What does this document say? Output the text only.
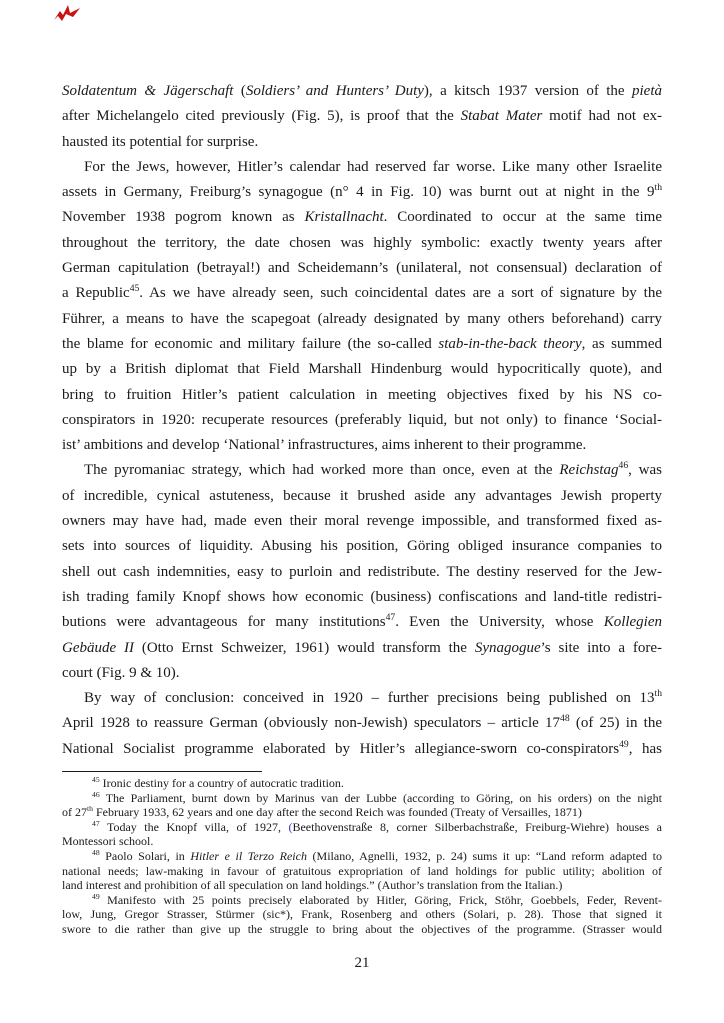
Soldatentum & Jägerschaft (Soldiers’ and Hunters’ Duty), a kitsch 1937 version of the pietà
after Michelangelo cited previously (Fig. 5), is proof that the Stabat Mater motif had not ex-
hausted its potential for surprise.
For the Jews, however, Hitler’s calendar had reserved far worse. Like many other Israelite
assets in Germany, Freiburg’s synagogue (n° 4 in Fig. 10) was burnt out at night in the 9th
November 1938 pogrom known as Kristallnacht. Coordinated to occur at the same time
throughout the territory, the date chosen was highly symbolic: exactly twenty years after
German capitulation (betrayal!) and Scheidemann’s (unilateral, not consensual) declaration of
a Republic$^{45}$. As we have already seen, such coincidental dates are a sort of signature by the
Führer, a means to have the scapegoat (already designated by many others beforehand) carry
the blame for economic and military failure (the so-called stab-in-the-back theory, as summed
up by a British diplomat that Field Marshall Hindenburg would hypocritically quote), and
bring to fruition Hitler’s patient calculation in meeting objectives fixed by his NS co-
conspirators in 1920: recuperate resources (preferably liquid, but not only) to finance ‘Social-
ist’ ambitions and develop ‘National’ infrastructures, aims inherent to their programme.
The pyromaniac strategy, which had worked more than once, even at the Reichstag$^{46}$, was
of incredible, cynical astuteness, because it brushed aside any advantages Jewish property
owners may have had, made even their moral revenge impossible, and transformed fixed as-
sets into sources of liquidity. Abusing his position, Göring obliged insurance companies to
shell out cash indemnities, easy to purloin and redistribute. The destiny reserved for the Jew-
ish trading family Knopf shows how economic (business) confiscations and land-title redistri-
butions were advantageous for many institutions$^{47}$. Even the University, whose Kollegien
Gebäude II (Otto Ernst Schweizer, 1961) would transform the Synagogue’s site into a fore-
court (Fig. 9 & 10).
By way of conclusion: conceived in 1920 – further precisions being published on 13th
April 1928 to reassure German (obviously non-Jewish) speculators – article $17^{48}$ (of 25) in the
National Socialist programme elaborated by Hitler’s allegiance-sworn co-conspirators$^{49}$, has
$^{45}$ Ironic destiny for a country of autocratic tradition.
$^{46}$ The Parliament, burnt down by Marinus van der Lubbe (according to Göring, on his orders) on the night
of 27th February 1933, 62 years and one day after the second Reich was founded (Treaty of Versailles, 1871)
$^{47}$ Today the Knopf villa, of 1927, (Beethovenstraße 8, corner Silberbachstraße, Freiburg-Wiehre) houses a
Montessori school.
$^{48}$ Paolo Solari, in Hitler e il Terzo Reich (Milano, Agnelli, 1932, p. 24) sums it up: “Land reform adapted to
national needs; law-making in favour of gratuitous expropriation of land holdings for public utility; abolition of
land interest and prohibition of all speculation on land holdings.” (Author’s translation from the Italian.)
$^{49}$ Manifesto with 25 points precisely elaborated by Hitler, Göring, Frick, Stöhr, Goebbels, Feder, Revent-
low, Jung, Gregor Strasser, Stürmer (sic*), Frank, Rosenberg and others (Solari, p. 28). Those that signed it
swore to die rather than give up the struggle to bring about the objectives of the programme. (Strasser would
21
